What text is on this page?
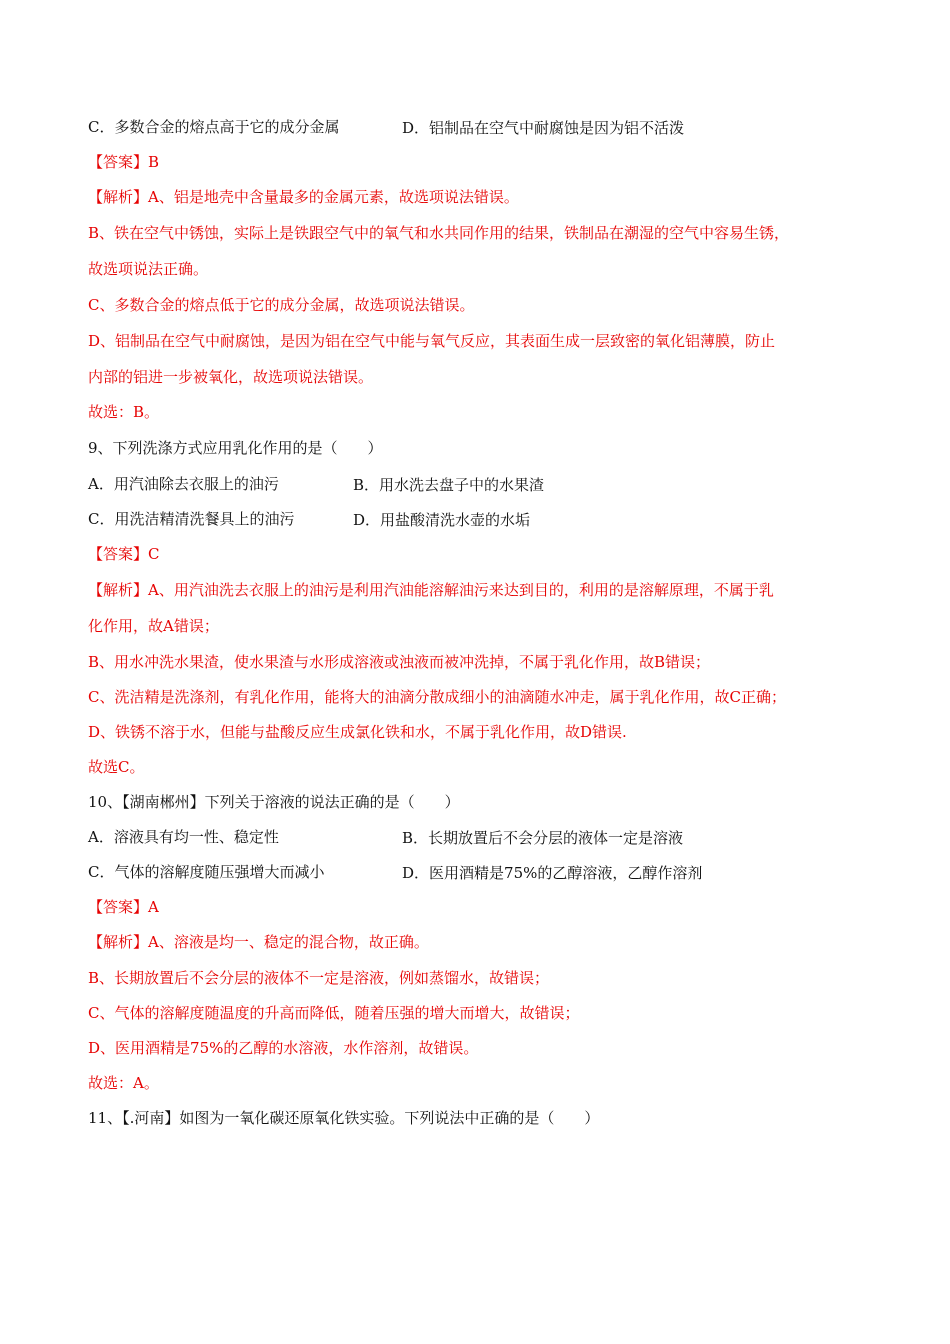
C．多数合金的熔点高于它的成分金属	D．铝制品在空气中耐腐蚀是因为铝不活泼
【答案】B
【解析】A、铝是地壳中含量最多的金属元素，故选项说法错误。
B、铁在空气中锈蚀，实际上是铁跟空气中的氧气和水共同作用的结果，铁制品在潮湿的空气中容易生锈，
故选项说法正确。
C、多数合金的熔点低于它的成分金属，故选项说法错误。
D、铝制品在空气中耐腐蚀，是因为铝在空气中能与氧气反应，其表面生成一层致密的氧化铝薄膜，防止
内部的铝进一步被氧化，故选项说法错误。
故选：B。
9、下列洗涤方式应用乳化作用的是（　　）
A．用汽油除去衣服上的油污	B．用水洗去盘子中的水果渣
C．用洗洁精清洗餐具上的油污	D．用盐酸清洗水壶的水垢
【答案】C
【解析】A、用汽油洗去衣服上的油污是利用汽油能溶解油污来达到目的，利用的是溶解原理，不属于乳
化作用，故A错误；
B、用水冲洗水果渣，使水果渣与水形成溶液或浊液而被冲洗掉，不属于乳化作用，故B错误；
C、洗洁精是洗涤剂，有乳化作用，能将大的油滴分散成细小的油滴随水冲走，属于乳化作用，故C正确；
D、铁锈不溶于水，但能与盐酸反应生成氯化铁和水，不属于乳化作用，故D错误.
故选C。
10、【湖南郴州】下列关于溶液的说法正确的是（　　）
A．溶液具有均一性、稳定性	B．长期放置后不会分层的液体一定是溶液
C．气体的溶解度随压强增大而减小	D．医用酒精是75%的乙醇溶液，乙醇作溶剂
【答案】A
【解析】A、溶液是均一、稳定的混合物，故正确。
B、长期放置后不会分层的液体不一定是溶液，例如蒸馏水，故错误；
C、气体的溶解度随温度的升高而降低，随着压强的增大而增大，故错误；
D、医用酒精是75%的乙醇的水溶液，水作溶剂，故错误。
故选：A。
11、【.河南】如图为一氧化碳还原氧化铁实验。下列说法中正确的是（　　）
